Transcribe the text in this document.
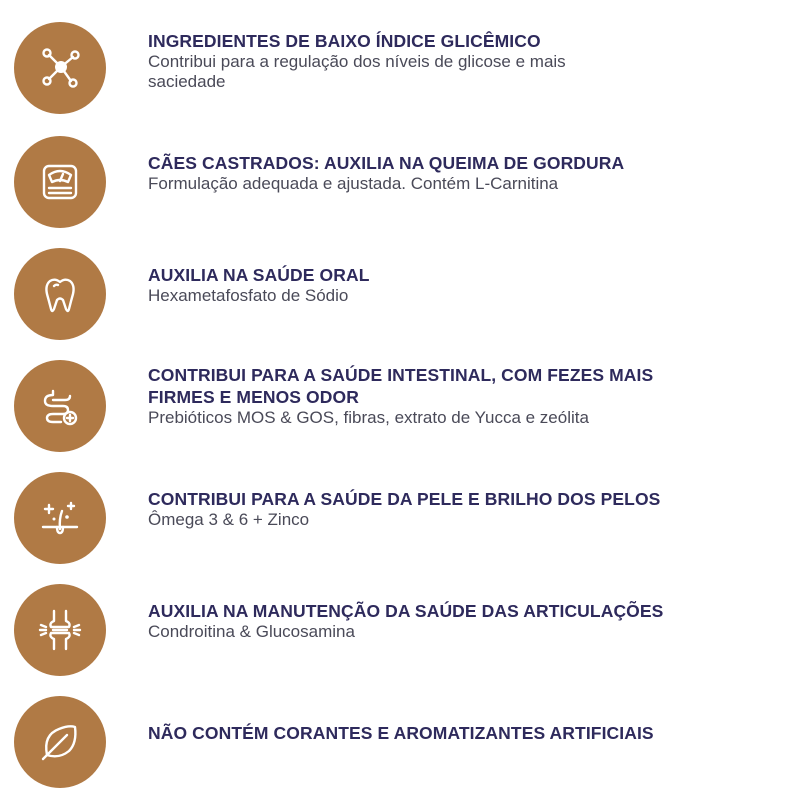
INGREDIENTES DE BAIXO ÍNDICE GLICÊMICO
Contribui para a regulação dos níveis de glicose e mais
saciedade
CÃES CASTRADOS: AUXILIA NA QUEIMA DE GORDURA
Formulação adequada e ajustada. Contém L-Carnitina
AUXILIA NA SAÚDE ORAL
Hexametafosfato de Sódio
CONTRIBUI PARA A SAÚDE INTESTINAL, COM FEZES MAIS
FIRMES E MENOS ODOR
Prebióticos MOS & GOS, fibras, extrato de Yucca e zeólita
CONTRIBUI PARA A SAÚDE DA PELE E BRILHO DOS PELOS
Ômega 3 & 6 + Zinco
AUXILIA NA MANUTENÇÃO DA SAÚDE DAS ARTICULAÇÕES
Condroitina & Glucosamina
NÃO CONTÉM CORANTES E AROMATIZANTES ARTIFICIAIS
